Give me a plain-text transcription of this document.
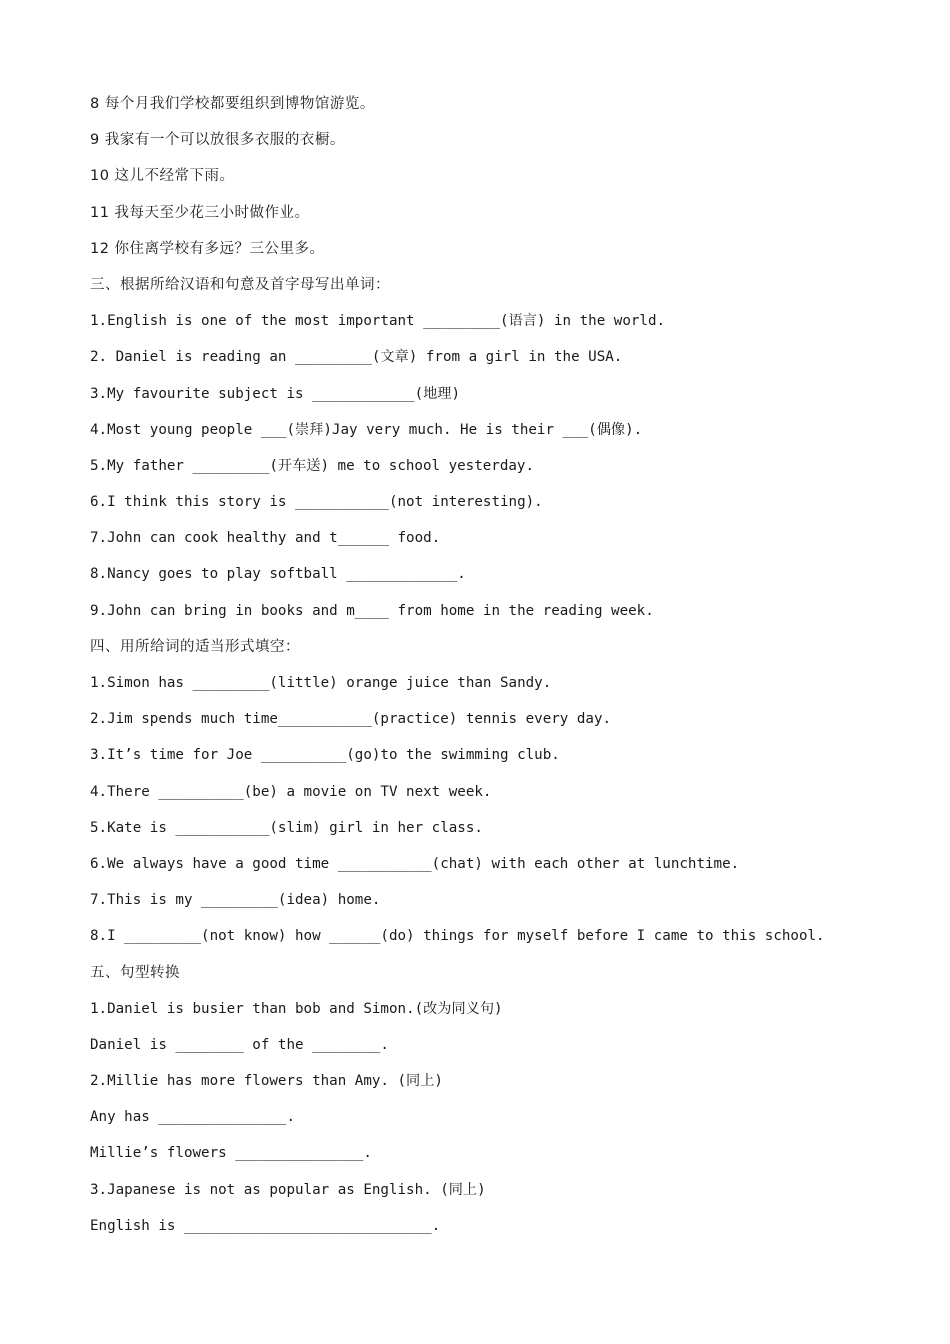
8 每个月我们学校都要组织到博物馆游览。
9 我家有一个可以放很多衣服的衣橱。
10 这儿不经常下雨。
11 我每天至少花三小时做作业。
12 你住离学校有多远？三公里多。
三、根据所给汉语和句意及首字母写出单词：
1.English is one of the most important _________(语言) in the world.
2. Daniel is reading an _________(文章) from a girl in the USA.
3.My favourite subject is ____________(地理)
4.Most young people ___(崇拜)Jay very much. He is their ___(偶像).
5.My father _________(开车送) me to school yesterday.
6.I think this story is ___________(not interesting).
7.John can cook healthy and t______ food.
8.Nancy goes to play softball _____________.
9.John can bring in books and m____ from home in the reading week.
四、用所给词的适当形式填空：
1.Simon has _________(little) orange juice than Sandy.
2.Jim spends much time___________(practice) tennis every day.
3.It’s time for Joe __________(go)to the swimming club.
4.There __________(be) a movie on TV next week.
5.Kate is ___________(slim) girl in her class.
6.We always have a good time ___________(chat) with each other at lunchtime.
7.This is my _________(idea) home.
8.I _________(not know) how ______(do) things for myself before I came to this school.
五、句型转换
1.Daniel is busier than bob and Simon.(改为同义句)
Daniel is ________ of the ________.
2.Millie has more flowers than Amy. (同上)
Any has _______________.
Millie’s flowers _______________.
3.Japanese is not as popular as English. (同上)
English is _____________________________.
